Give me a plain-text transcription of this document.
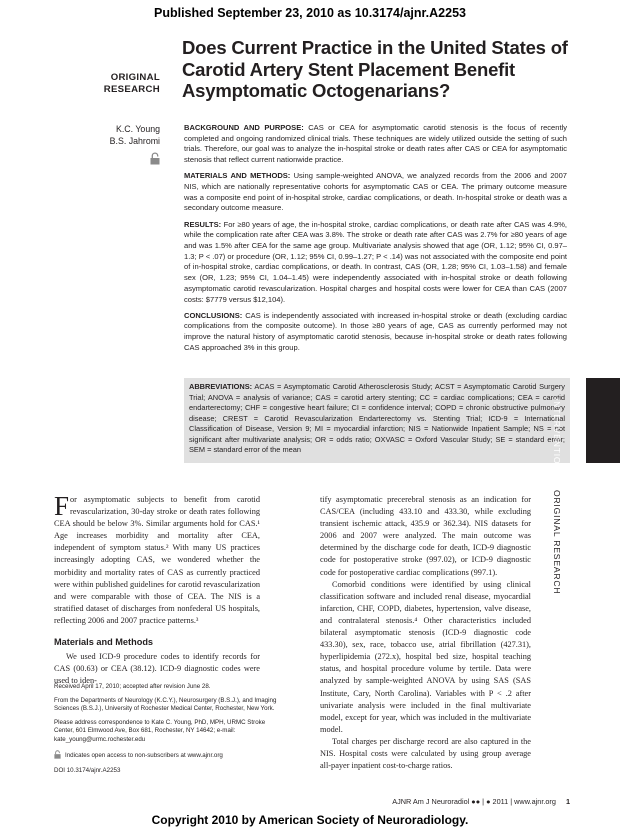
Published September 23, 2010 as 10.3174/ajnr.A2253
Does Current Practice in the United States of Carotid Artery Stent Placement Benefit Asymptomatic Octogenarians?
ORIGINAL
RESEARCH
K.C. Young
B.S. Jahromi

BACKGROUND AND PURPOSE: CAS or CEA for asymptomatic carotid stenosis is the focus of recently completed and ongoing randomized clinical trials. These techniques are widely utilized outside the setting of such trials. Therefore, our goal was to analyze the in-hospital stroke or death rates after CAS or CEA for asymptomatic stenosis that reflect current nationwide practice.

MATERIALS AND METHODS: Using sample-weighted ANOVA, we analyzed records from the 2006 and 2007 NIS, which are nationally representative cohorts for asymptomatic CAS or CEA. The primary outcome measure was a composite end point of in-hospital stroke, cardiac complications, or death. In-hospital stroke or death was a secondary outcome measure.

RESULTS: For ≥80 years of age, the in-hospital stroke, cardiac complications, or death rate after CAS was 4.9%, while the complication rate after CEA was 3.8%. The stroke or death rate after CAS was 2.7% for ≥80 years of age and was 1.5% after CEA for the same age group. Multivariate analysis showed that age (OR, 1.12; 95% CI, 0.97–1.3; P < .07) or procedure (OR, 1.12; 95% CI, 0.99–1.27; P < .14) was not associated with the composite end point of in-hospital stroke, cardiac complications, or death. In contrast, CAS (OR, 1.28; 95% CI, 1.03–1.58) and female sex (OR, 1.23; 95% CI, 1.04–1.45) were independently associated with in-hospital stroke or death following asymptomatic carotid revascularization. Hospital charges and hospital costs were lower for CEA than CAS (2007 costs: $7779 versus $12,104).

CONCLUSIONS: CAS is independently associated with increased in-hospital stroke or death (excluding cardiac complications from the composite outcome). In those ≥80 years of age, CAS as currently performed may not improve the natural history of asymptomatic carotid stenosis, because in-hospital stroke or death rates following CAS approached 3% in this group.

ABBREVIATIONS: ACAS = Asymptomatic Carotid Atherosclerosis Study; ACST = Asymptomatic Carotid Surgery Trial; ANOVA = analysis of variance; CAS = carotid artery stenting; CC = cardiac complications; CEA = carotid endarterectomy; CHF = congestive heart failure; CI = confidence interval; COPD = chronic obstructive pulmonary disease; CREST = Carotid Revascularization Endarterectomy vs. Stenting Trial; ICD-9 = International Classification of Disease, Version 9; MI = myocardial infarction; NIS = Nationwide Inpatient Sample; NS = not significant after multivariate analysis; OR = odds ratio; OXVASC = Oxford Vascular Study; SE = standard error; SEM = standard error of the mean	INTERVENTIONAL  ORIGINAL RESEARCH

For asymptomatic subjects to benefit from carotid revascularization, 30-day stroke or death rates following CEA should be below 3%. Similar arguments hold for CAS.¹ Age increases morbidity and mortality after CEA, independent of symptom status.² With many US practices increasingly adopting CAS, we wondered whether the morbidity and mortality rates of CAS as currently practiced were within published guidelines for carotid revascularization and were comparable with those of CEA. The NIS is a stratified dataset of discharges from nonfederal US hospitals, reflecting 2006 and 2007 practice patterns.³

Materials and Methods

We used ICD-9 procedure codes to identify records for CAS (00.63) or CEA (38.12). ICD-9 diagnostic codes were used to iden-

Received April 17, 2010; accepted after revision June 28.

From the Departments of Neurology (K.C.Y.), Neurosurgery (B.S.J.), and Imaging Sciences (B.S.J.), University of Rochester Medical Center, Rochester, New York.

Please address correspondence to Kate C. Young, PhD, MPH, URMC Stroke Center, 601 Elmwood Ave, Box 681, Rochester, NY 14642; e-mail: kate_young@urmc.rochester.edu

Indicates open access to non-subscribers at www.ajnr.org

DOI 10.3174/ajnr.A2253

tify asymptomatic precerebral stenosis as an indication for CAS/CEA (including 433.10 and 433.30, while excluding transient ischemic attack, 435.9 or 362.34). NIS datasets for 2006 and 2007 were analyzed. The main outcome was determined by the discharge code for death, ICD-9 diagnostic code for postoperative stroke (997.02), or ICD-9 diagnostic code for postoperative cardiac complications (997.1).

Comorbid conditions were identified by using clinical classification software and included renal disease, myocardial infarction, CHF, COPD, diabetes, hypertension, valve disease, and contralateral stenosis.⁴ Other characteristics included bilateral asymptomatic stenosis (ICD-9 diagnostic code 433.30), sex, race, tobacco use, atrial fibrillation (427.31), hyperlipidemia (272.x), hospital bed size, hospital teaching status, and hospital procedure volume by tertile. Data were analyzed by sample-weighted ANOVA by using SAS (SAS Institute, Cary, North Carolina). Variables with P < .2 after univariate analysis were included in the final multivariate model, except for year, which was included in the multivariate model.

Total charges per discharge record are also captured in the NIS. Hospital costs were calculated by using group average all-payer inpatient cost-to-charge ratios.

AJNR Am J Neuroradiol ●● | ● 2011 | www.ajnr.org 1
Copyright 2010 by American Society of Neuroradiology.
